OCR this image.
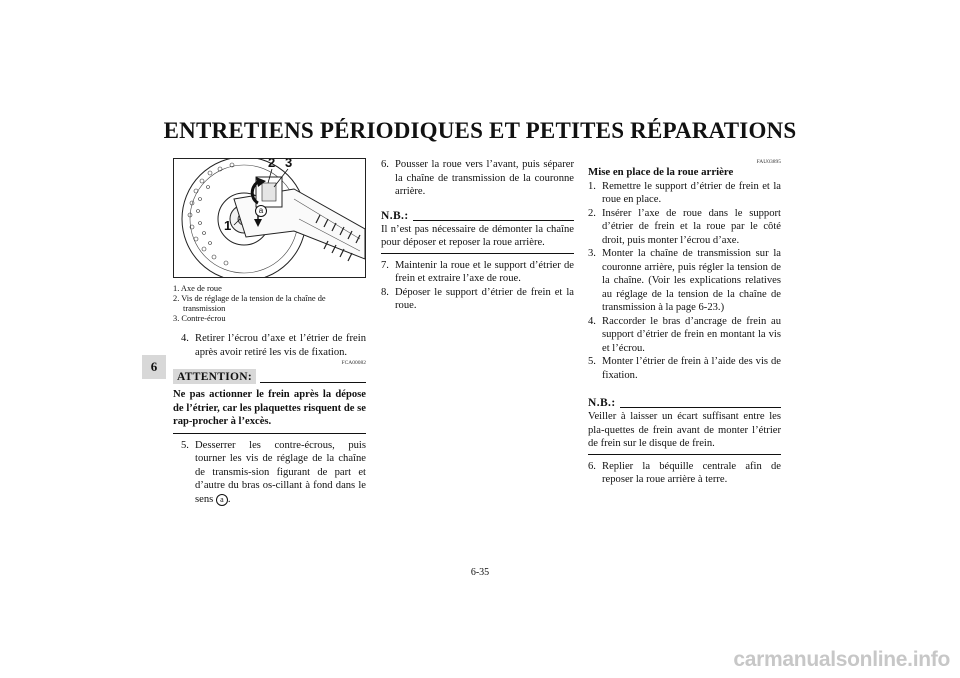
ENTRETIENS PÉRIODIQUES ET PETITES RÉPARATIONS
6
1
2 3
a
1. Axe de roue
2. Vis de réglage de la tension de la chaîne de transmission
3. Contre-écrou
4. Retirer l’écrou d’axe et l’étrier de frein après avoir retiré les vis de fixation.
FCA00082
ATTENTION:
Ne pas actionner le frein après la dépose de l’étrier, car les plaquettes risquent de se rap-procher à l’excès.
5. Desserrer les contre-écrous, puis tourner les vis de réglage de la chaîne de transmis-sion figurant de part et d’autre du bras os-cillant à fond dans le sens a .
6. Pousser la roue vers l’avant, puis séparer la chaîne de transmission de la couronne arrière.
N.B.:
Il n’est pas nécessaire de démonter la chaîne pour déposer et reposer la roue arrière.
7. Maintenir la roue et le support d’étrier de frein et extraire l’axe de roue.
8. Déposer le support d’étrier de frein et la roue.
FAU03895
Mise en place de la roue arrière
1. Remettre le support d’étrier de frein et la roue en place.
2. Insérer l’axe de roue dans le support d’étrier de frein et la roue par le côté droit, puis monter l’écrou d’axe.
3. Monter la chaîne de transmission sur la couronne arrière, puis régler la tension de la chaîne. (Voir les explications relatives au réglage de la tension de la chaîne de transmission à la page 6-23.)
4. Raccorder le bras d’ancrage de frein au support d’étrier de frein en montant la vis et l’écrou.
5. Monter l’étrier de frein à l’aide des vis de fixation.
N.B.:
Veiller à laisser un écart suffisant entre les pla-quettes de frein avant de monter l’étrier de frein sur le disque de frein.
6. Replier la béquille centrale afin de reposer la roue arrière à terre.
6-35
carmanualsonline.info
